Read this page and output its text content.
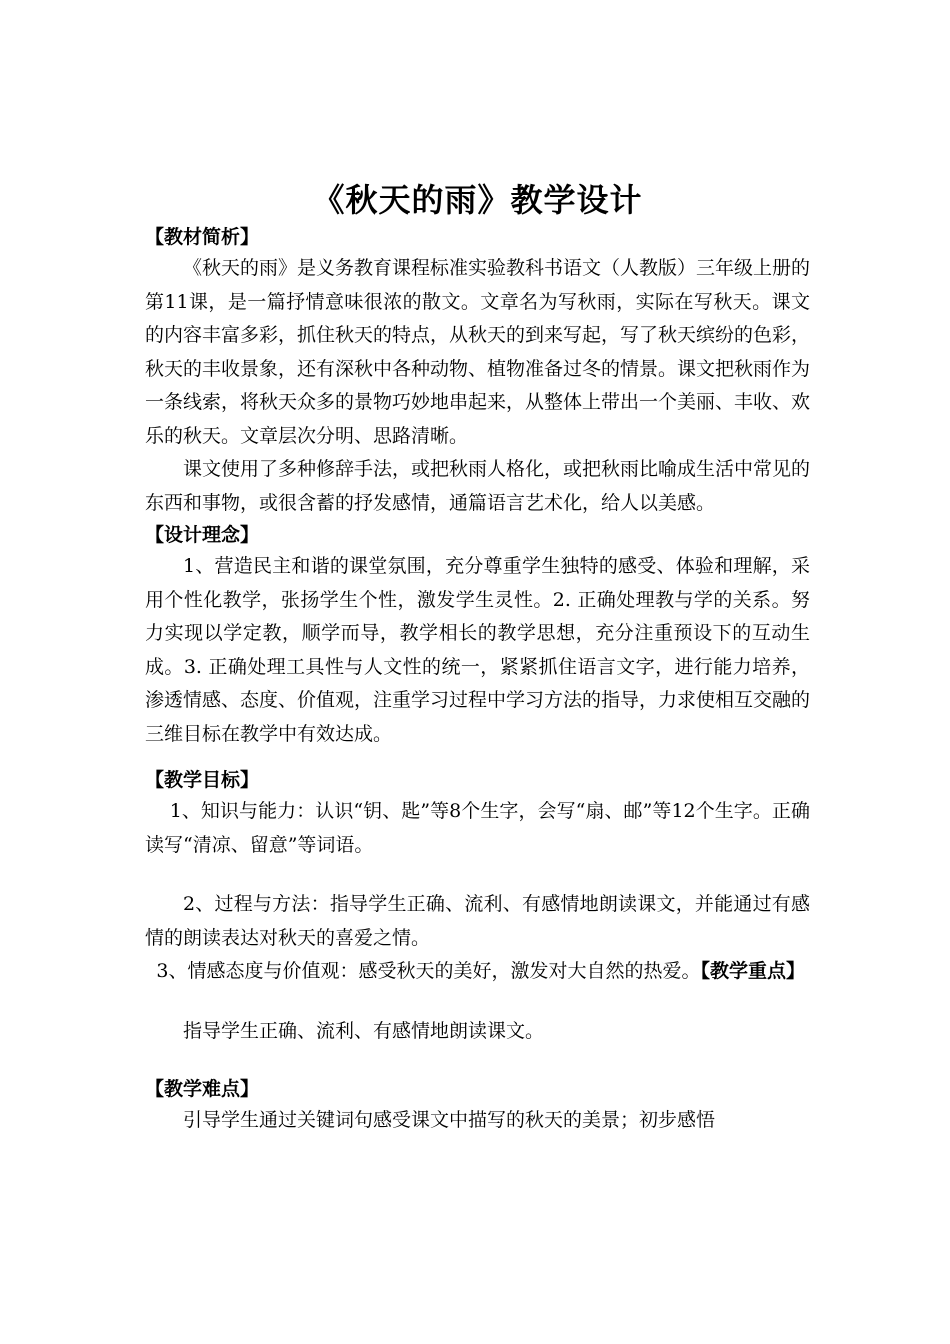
《秋天的雨》教学设计
【教材简析】

《秋天的雨》是义务教育课程标准实验教科书语文（人教版）三年级上册的第11课，是一篇抒情意味很浓的散文。文章名为写秋雨，实际在写秋天。课文的内容丰富多彩，抓住秋天的特点，从秋天的到来写起，写了秋天缤纷的色彩，秋天的丰收景象，还有深秋中各种动物、植物准备过冬的情景。课文把秋雨作为一条线索，将秋天众多的景物巧妙地串起来，从整体上带出一个美丽、丰收、欢乐的秋天。文章层次分明、思路清晰。

课文使用了多种修辞手法，或把秋雨人格化，或把秋雨比喻成生活中常见的东西和事物，或很含蓄的抒发感情，通篇语言艺术化，给人以美感。

【设计理念】

1、营造民主和谐的课堂氛围，充分尊重学生独特的感受、体验和理解，采用个性化教学，张扬学生个性，激发学生灵性。2. 正确处理教与学的关系。努力实现以学定教，顺学而导，教学相长的教学思想，充分注重预设下的互动生成。3. 正确处理工具性与人文性的统一，紧紧抓住语言文字，进行能力培养，渗透情感、态度、价值观，注重学习过程中学习方法的指导，力求使相互交融的三维目标在教学中有效达成。

【教学目标】

1、知识与能力：认识“钥、匙”等8个生字，会写“扇、邮”等12个生字。正确读写“清凉、留意”等词语。

2、过程与方法：指导学生正确、流利、有感情地朗读课文，并能通过有感情的朗读表达对秋天的喜爱之情。

3、情感态度与价值观：感受秋天的美好，激发对大自然的热爱。【教学重点】

指导学生正确、流利、有感情地朗读课文。

【教学难点】

引导学生通过关键词句感受课文中描写的秋天的美景；初步感悟
